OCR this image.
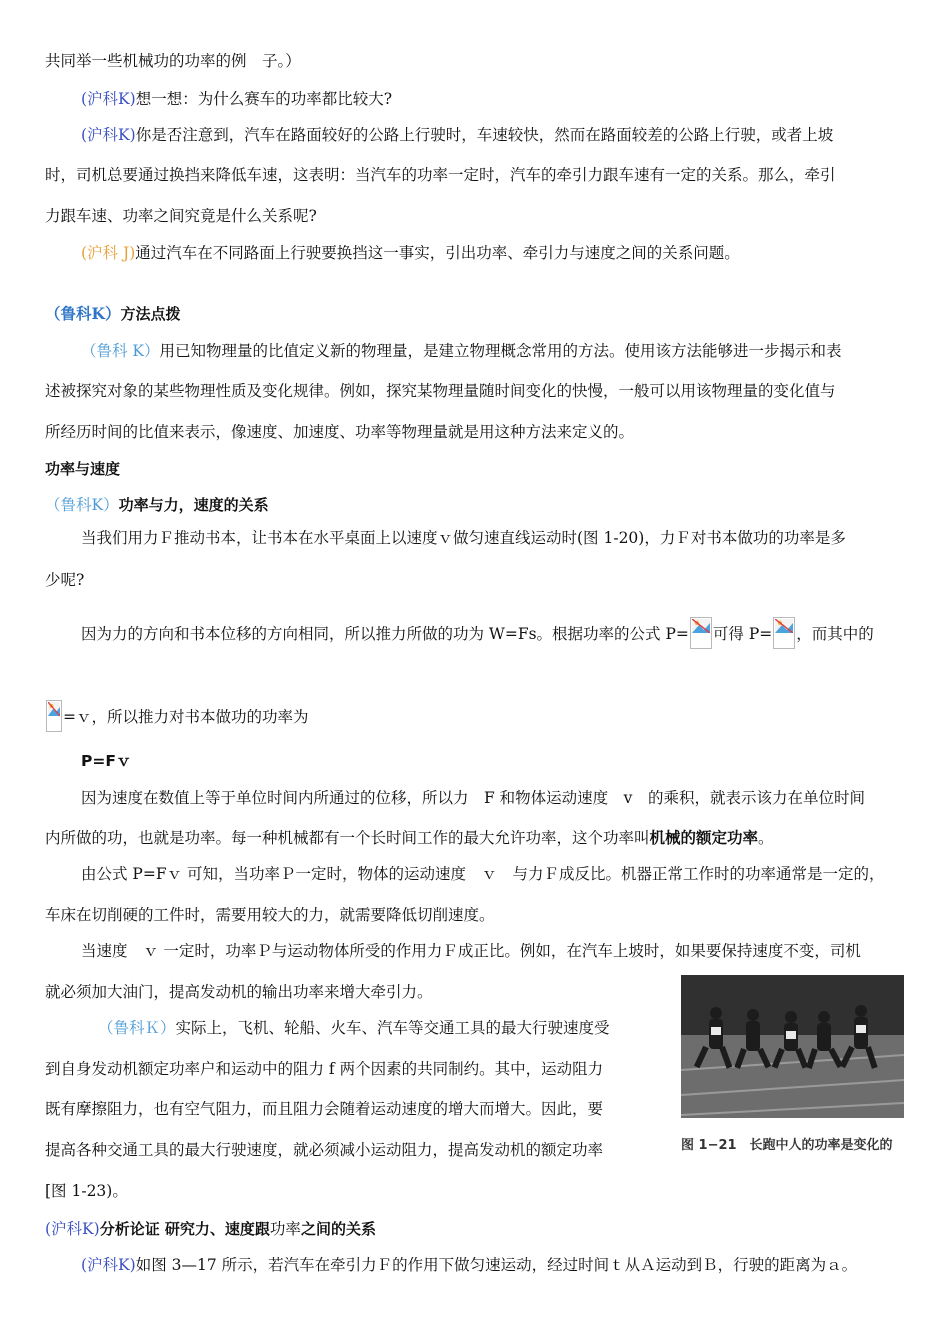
共同举一些机械功的功率的例　子。）
(沪科K)想一想：为什么赛车的功率都比较大?
(沪科K)你是否注意到，汽车在路面较好的公路上行驶时，车速较快，然而在路面较差的公路上行驶，或者上坡
时，司机总要通过换挡来降低车速，这表明：当汽车的功率一定时，汽车的牵引力跟车速有一定的关系。那么，牵引
力跟车速、功率之间究竟是什么关系呢?
(沪科 J)通过汽车在不同路面上行驶要换挡这一事实，引出功率、牵引力与速度之间的关系问题。
（鲁科K）方法点拨
（鲁科 K）用已知物理量的比值定义新的物理量，是建立物理概念常用的方法。使用该方法能够进一步揭示和表
述被探究对象的某些物理性质及变化规律。例如，探究某物理量随时间变化的快慢，一般可以用该物理量的变化值与
所经历时间的比值来表示，像速度、加速度、功率等物理量就是用这种方法来定义的。
功率与速度
（鲁科K）功率与力，速度的关系
当我们用力Ｆ推动书本，让书本在水平桌面上以速度ｖ做匀速直线运动时(图 1-20)，力Ｆ对书本做功的功率是多
少呢?
因为力的方向和书本位移的方向相同，所以推力所做的功为 W=Fs。根据功率的公式 P= 可得 P= ，而其中的
=ｖ，所以推力对书本做功的功率为
P=Fｖ
因为速度在数值上等于单位时间内所通过的位移，所以力　F 和物体运动速度　v　的乘积，就表示该力在单位时间
内所做的功，也就是功率。每一种机械都有一个长时间工作的最大允许功率，这个功率叫机械的额定功率。
由公式 P=Fｖ 可知，当功率Ｐ一定时，物体的运动速度　ｖ　与力Ｆ成反比。机器正常工作时的功率通常是一定的，
车床在切削硬的工件时，需要用较大的力，就需要降低切削速度。
当速度　ｖ 一定时，功率Ｐ与运动物体所受的作用力Ｆ成正比。例如，在汽车上坡时，如果要保持速度不变，司机
就必须加大油门，提高发动机的输出功率来增大牵引力。
（鲁科Ｋ）实际上，飞机、轮船、火车、汽车等交通工具的最大行驶速度受
到自身发动机额定功率户和运动中的阻力 f 两个因素的共同制约。其中，运动阻力
既有摩擦阻力，也有空气阻力，而且阻力会随着运动速度的增大而增大。因此，要
提高各种交通工具的最大行驶速度，就必须减小运动阻力，提高发动机的额定功率
[图 1-23)。
(沪科K)分析论证 研究力、速度跟功率之间的关系
(沪科K)如图 3—17 所示，若汽车在牵引力Ｆ的作用下做匀速运动，经过时间ｔ从Ａ运动到Ｂ，行驶的距离为ａ。
图 1−21　长跑中人的功率是变化的
